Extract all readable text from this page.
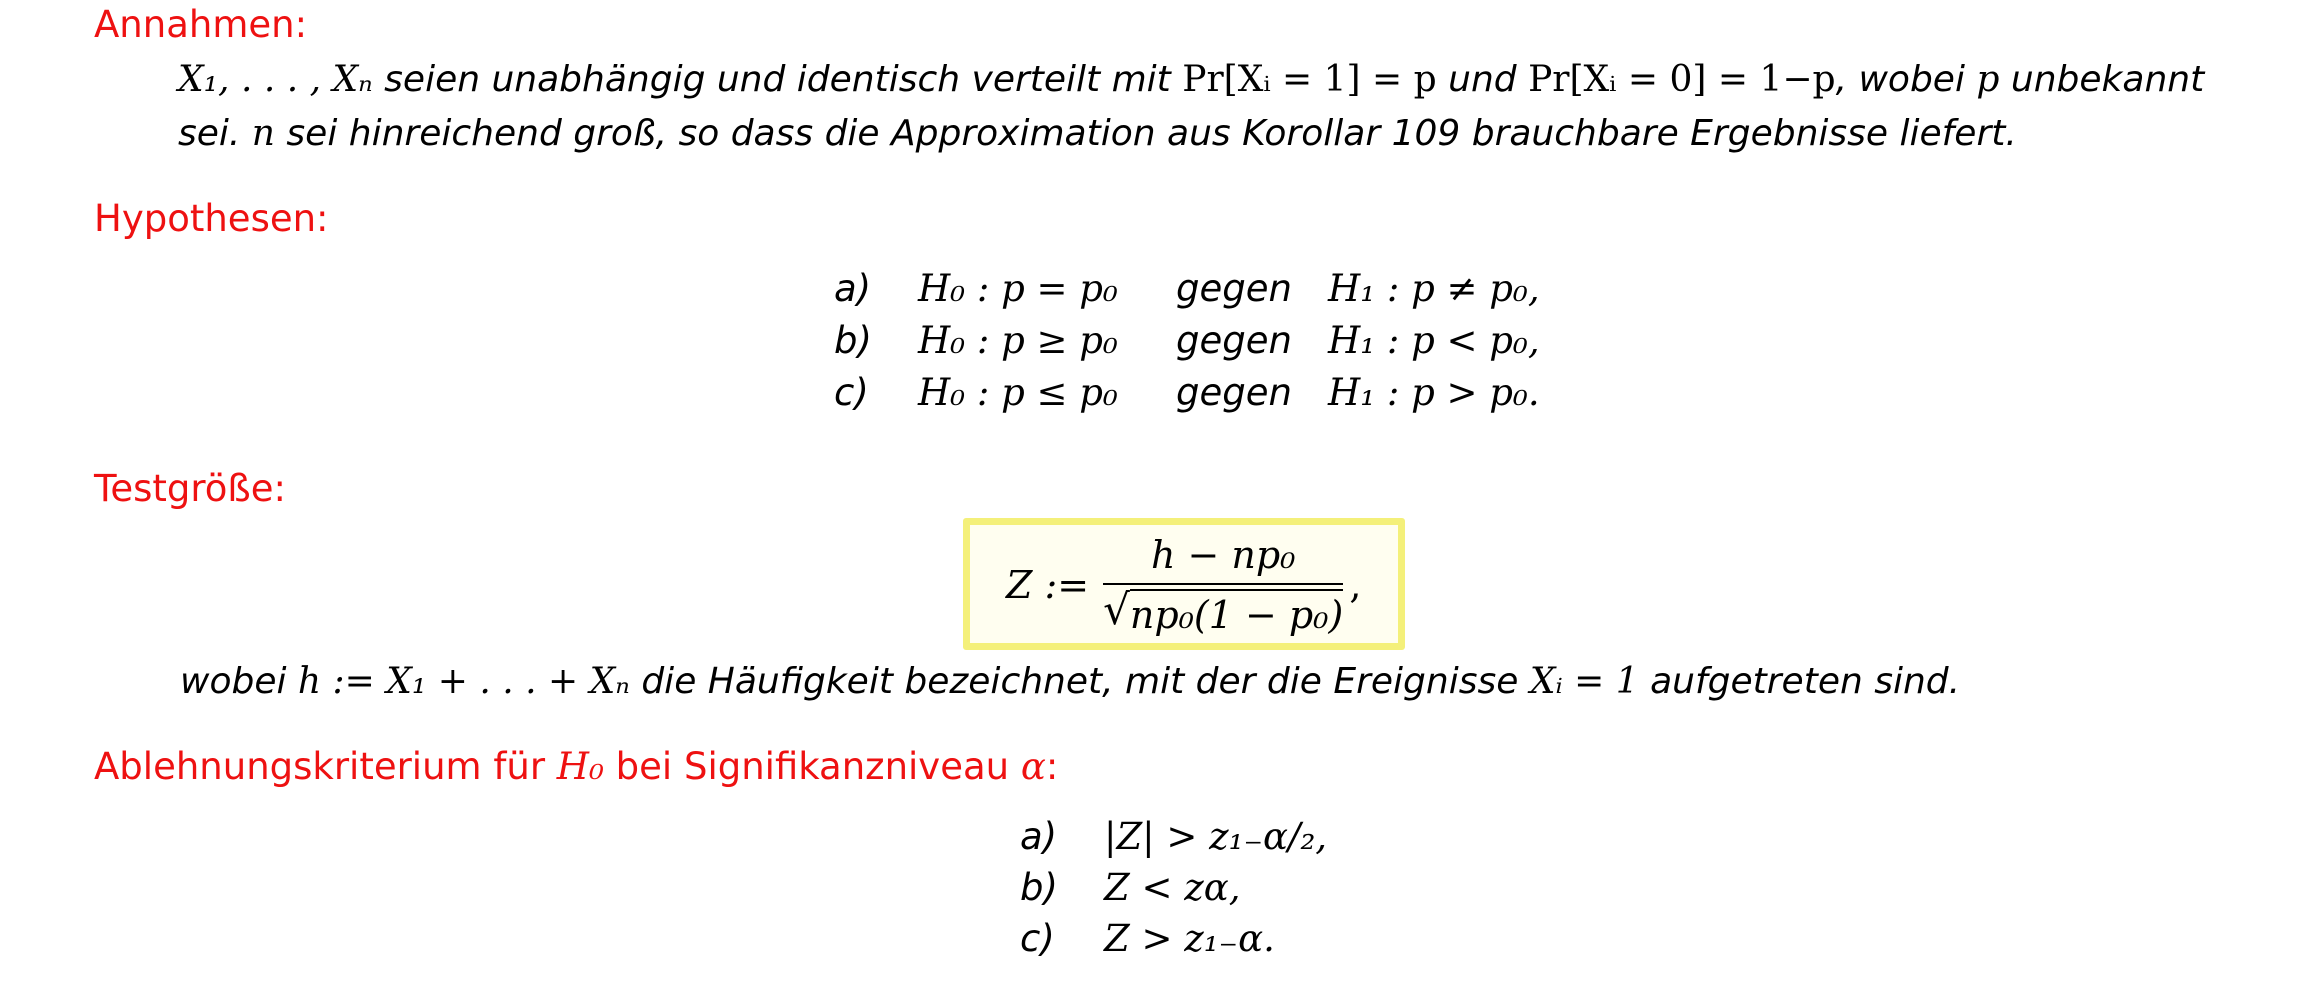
Annahmen:
X₁, . . . , Xₙ seien unabhängig und identisch verteilt mit Pr[Xᵢ = 1] = p und Pr[Xᵢ = 0] = 1−p, wobei p unbekannt
sei. n sei hinreichend groß, so dass die Approximation aus Korollar 109 brauchbare Ergebnisse liefert.
Hypothesen:
a)	H₀ : p = p₀	gegen H₁ : p ≠ p₀,
b)	H₀ : p ≥ p₀	gegen H₁ : p < p₀,
c)	H₀ : p ≤ p₀	gegen H₁ : p > p₀.
Testgröße:
Z := $\frac{\text{h − np₀}}{\text{√ np₀(1 − p₀)}}$ ,
wobei h := X₁ + . . . + Xₙ die Häufigkeit bezeichnet, mit der die Ereignisse Xᵢ = 1 aufgetreten sind.
Ablehnungskriterium für H₀ bei Signifikanzniveau α:
a)	|Z| > z₁₋α/₂,
b)	Z < zα,
c)	Z > z₁₋α.
